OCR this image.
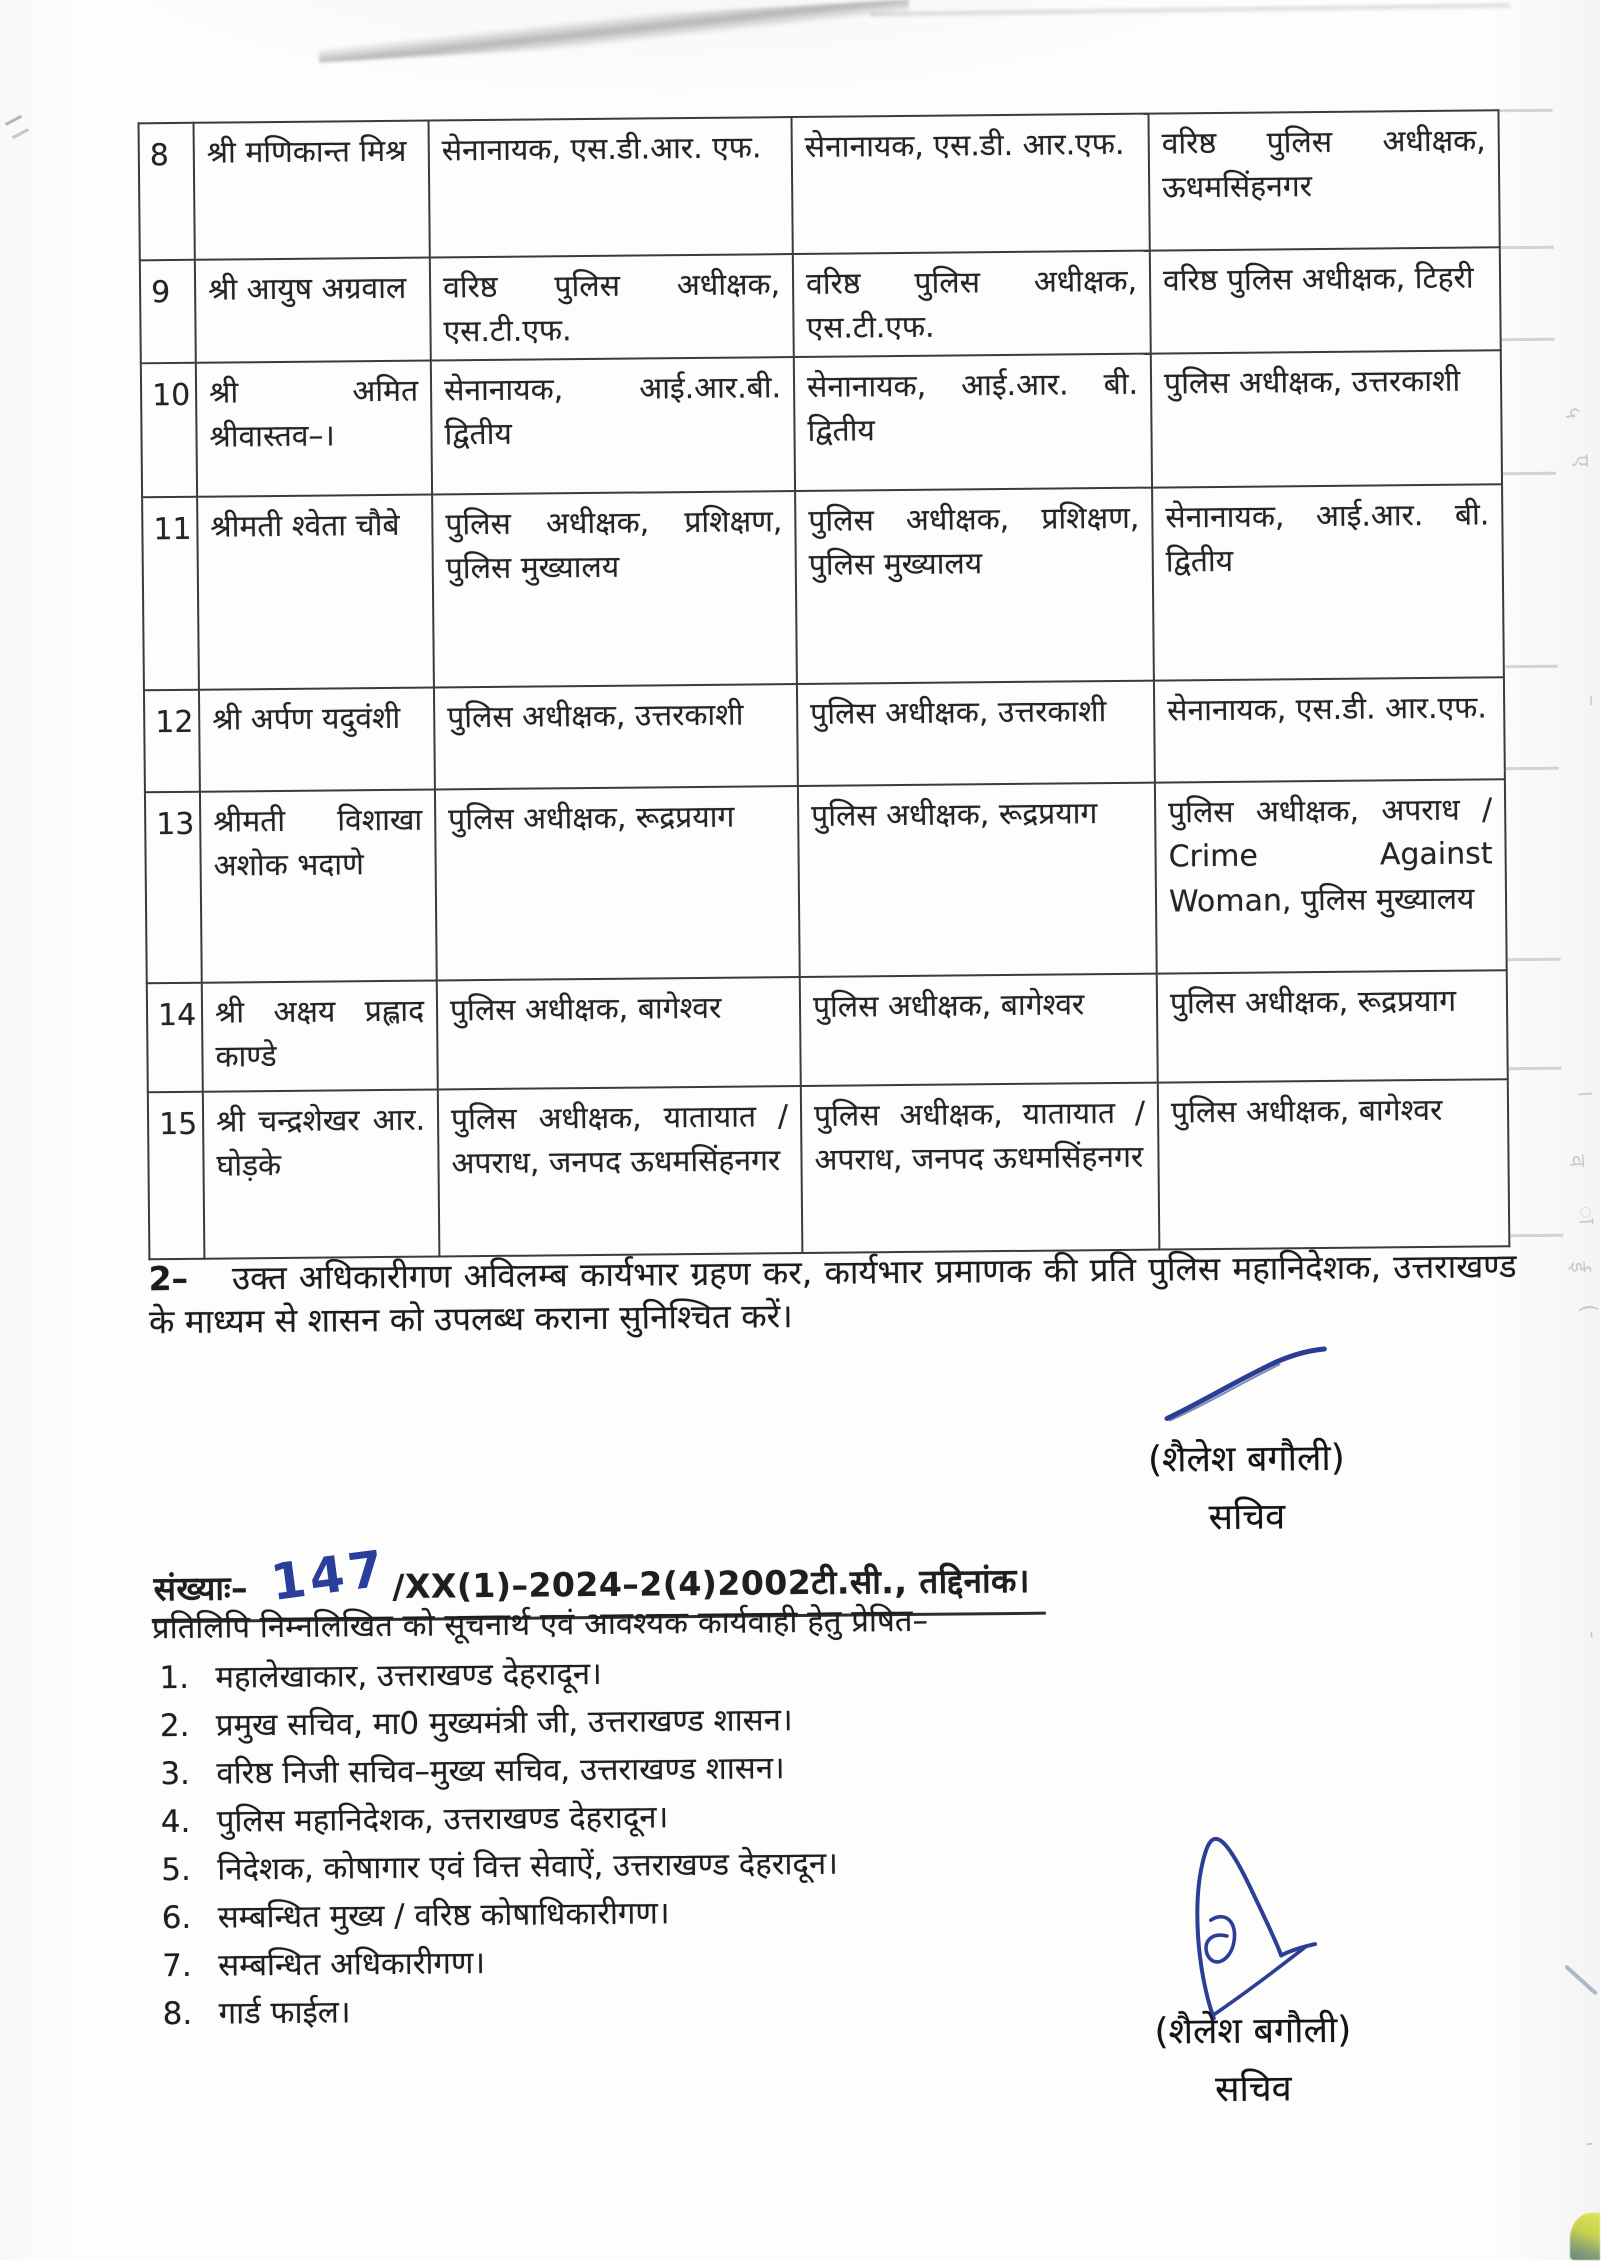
५
ए
–
।
व
ा
ई
(
-
'
8	श्री मणिकान्त मिश्र	सेनानायक, एस.डी.आर. एफ.	सेनानायक, एस.डी. आर.एफ.	वरिष्ठ पुलिस अधीक्षक, ऊधमसिंहनगर
9	श्री आयुष अग्रवाल	वरिष्ठ पुलिस अधीक्षक, एस.टी.एफ.	वरिष्ठ पुलिस अधीक्षक, एस.टी.एफ.	वरिष्ठ पुलिस अधीक्षक, टिहरी
10	श्री अमित श्रीवास्तव–।	सेनानायक, आई.आर.बी. द्वितीय	सेनानायक, आई.आर. बी. द्वितीय	पुलिस अधीक्षक, उत्तरकाशी
11	श्रीमती श्वेता चौबे	पुलिस अधीक्षक, प्रशिक्षण, पुलिस मुख्यालय	पुलिस अधीक्षक, प्रशिक्षण, पुलिस मुख्यालय	सेनानायक, आई.आर. बी. द्वितीय
12	श्री अर्पण यदुवंशी	पुलिस अधीक्षक, उत्तरकाशी	पुलिस अधीक्षक, उत्तरकाशी	सेनानायक, एस.डी. आर.एफ.
13	श्रीमती विशाखा अशोक भदाणे	पुलिस अधीक्षक, रूद्रप्रयाग	पुलिस अधीक्षक, रूद्रप्रयाग	पुलिस अधीक्षक, अपराध / Crime Against Woman, पुलिस मुख्यालय
14	श्री अक्षय प्रह्लाद काण्डे	पुलिस अधीक्षक, बागेश्वर	पुलिस अधीक्षक, बागेश्वर	पुलिस अधीक्षक, रूद्रप्रयाग
15	श्री चन्द्रशेखर आर. घोड़के	पुलिस अधीक्षक, यातायात / अपराध, जनपद ऊधमसिंहनगर	पुलिस अधीक्षक, यातायात / अपराध, जनपद ऊधमसिंहनगर	पुलिस अधीक्षक, बागेश्वर
2– उक्त अधिकारीगण अविलम्ब कार्यभार ग्रहण कर, कार्यभार प्रमाणक की प्रति पुलिस महानिदेशक, उत्तराखण्ड के माध्यम से शासन को उपलब्ध कराना सुनिश्चित करें।
(शैलेश बगौली)
सचिव
संख्याः– 147/XX(1)–2024–2(4)2002टी.सी., तद्दिनांक।
प्रतिलिपि निम्नलिखित को सूचनार्थ एवं आवश्यक कार्यवाही हेतु प्रेषित–
1. महालेखाकार, उत्तराखण्ड देहरादून।
2. प्रमुख सचिव, मा0 मुख्यमंत्री जी, उत्तराखण्ड शासन।
3. वरिष्ठ निजी सचिव–मुख्य सचिव, उत्तराखण्ड शासन।
4. पुलिस महानिदेशक, उत्तराखण्ड देहरादून।
5. निदेशक, कोषागार एवं वित्त सेवाऐं, उत्तराखण्ड देहरादून।
6. सम्बन्धित मुख्य / वरिष्ठ कोषाधिकारीगण।
7. सम्बन्धित अधिकारीगण।
8. गार्ड फाईल।	(शैलेश बगौली)
सचिव
